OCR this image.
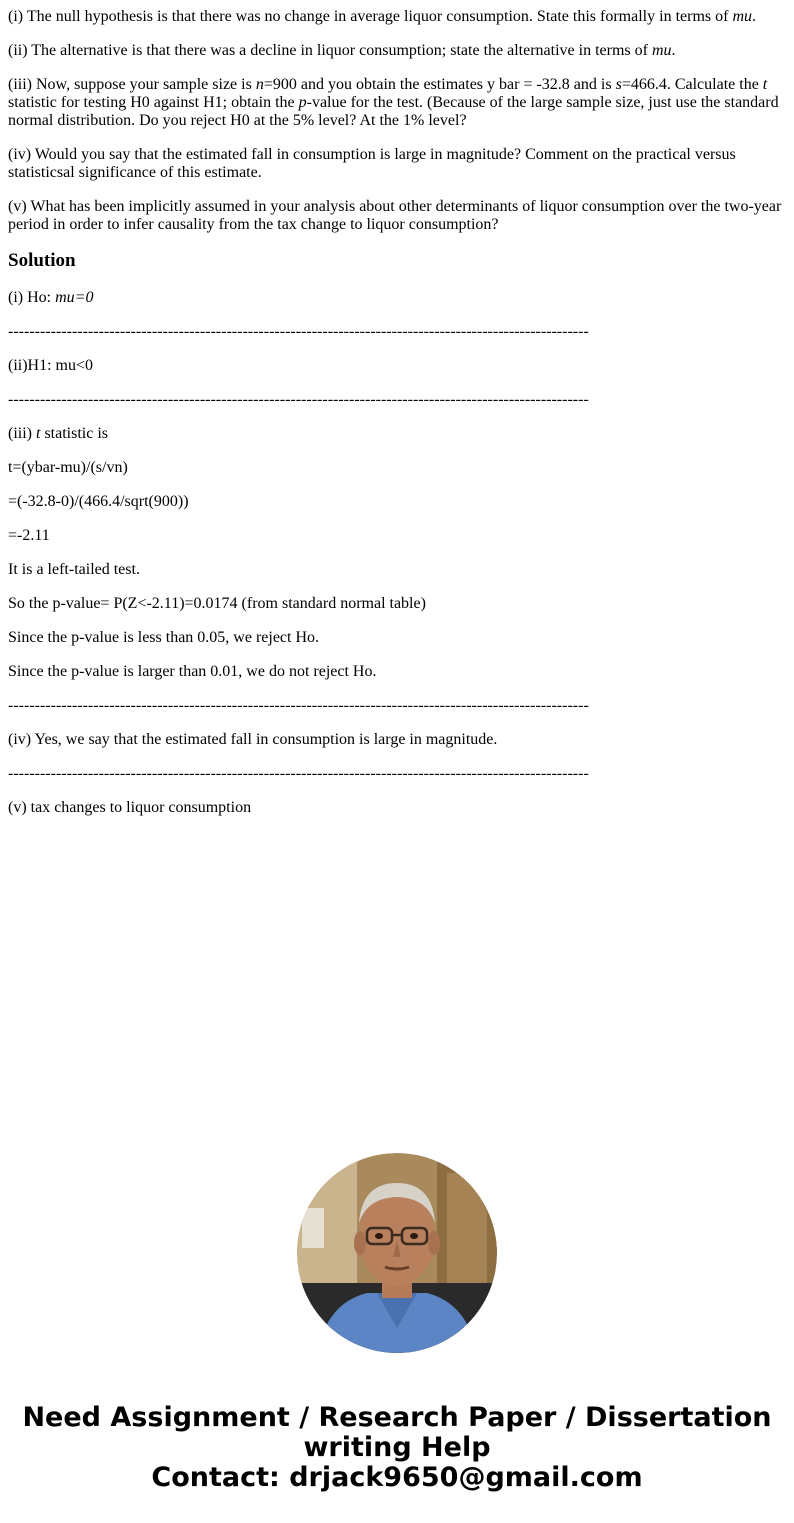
(i) The null hypothesis is that there was no change in average liquor consumption. State this formally in terms of mu.

(ii) The alternative is that there was a decline in liquor consumption; state the alternative in terms of mu.

(iii) Now, suppose your sample size is n=900 and you obtain the estimates y bar = -32.8 and is s=466.4. Calculate the t statistic for testing H0 against H1; obtain the p-value for the test. (Because of the large sample size, just use the standard normal distribution. Do you reject H0 at the 5% level? At the 1% level?

(iv) Would you say that the estimated fall in consumption is large in magnitude? Comment on the practical versus statisticsal significance of this estimate.

(v) What has been implicitly assumed in your analysis about other determinants of liquor consumption over the two-year period in order to infer causality from the tax change to liquor consumption?

Solution

(i) Ho: mu=0

-------------------------------------------------------------------------------------------------------------

(ii)H1: mu<0

-------------------------------------------------------------------------------------------------------------

(iii) t statistic is

t=(ybar-mu)/(s/vn)

=(-32.8-0)/(466.4/sqrt(900))

=-2.11

It is a left-tailed test.

So the p-value= P(Z<-2.11)=0.0174 (from standard normal table)

Since the p-value is less than 0.05, we reject Ho.

Since the p-value is larger than 0.01, we do not reject Ho.

-------------------------------------------------------------------------------------------------------------

(iv) Yes, we say that the estimated fall in consumption is large in magnitude.

-------------------------------------------------------------------------------------------------------------

(v) tax changes to liquor consumption

Need Assignment / Research Paper / Dissertation
writing Help
Contact: drjack9650@gmail.com
